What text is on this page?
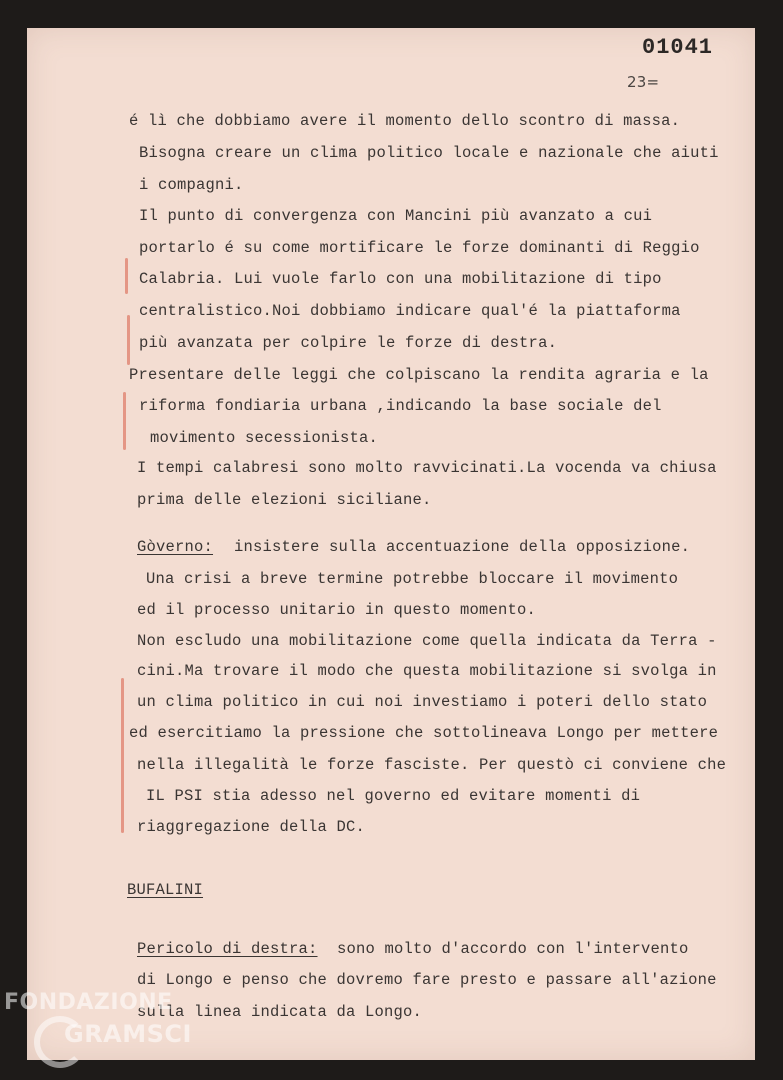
01041
23=
é lì che dobbiamo avere il momento dello scontro di massa.
Bisogna creare un clima politico locale e nazionale che aiuti
i compagni.
Il punto di convergenza con Mancini più avanzato a cui
portarlo é su come mortificare le forze dominanti di Reggio
Calabria. Lui vuole farlo con una mobilitazione di tipo
centralistico.Noi dobbiamo indicare qual'é la piattaforma
più avanzata per colpire le forze di destra.
Presentare delle leggi che colpiscano la rendita agraria e la
riforma fondiaria urbana ,indicando la base sociale del
movimento secessionista.
I tempi calabresi sono molto ravvicinati.La vocenda va chiusa
prima delle elezioni siciliane.
Gòverno: insistere sulla accentuazione della opposizione.
Una crisi a breve termine potrebbe bloccare il movimento
ed il processo unitario in questo momento.
Non escludo una mobilitazione come quella indicata da Terra -
cini.Ma trovare il modo che questa mobilitazione si svolga in
un clima politico in cui noi investiamo i poteri dello stato
ed esercitiamo la pressione che sottolineava Longo per mettere
nella illegalità le forze fasciste. Per questò ci conviene che
IL PSI stia adesso nel governo ed evitare momenti di
riaggregazione della DC.
BUFALINI
Pericolo di destra: sono molto d'accordo con l'intervento
di Longo e penso che dovremo fare presto e passare all'azione
sulla linea indicata da Longo.
FONDAZIONE
GRAMSCI
